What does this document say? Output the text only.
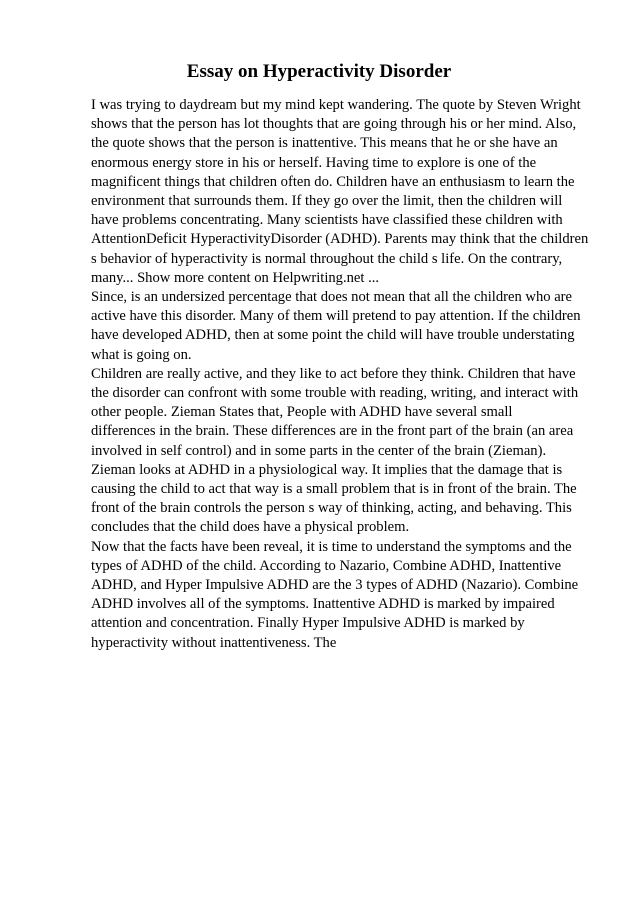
Essay on Hyperactivity Disorder

I was trying to daydream but my mind kept wandering. The quote by Steven Wright
shows that the person has lot thoughts that are going through his or her mind. Also,
the quote shows that the person is inattentive. This means that he or she have an
enormous energy store in his or herself. Having time to explore is one of the
magnificent things that children often do. Children have an enthusiasm to learn the
environment that surrounds them. If they go over the limit, then the children will
have problems concentrating. Many scientists have classified these children with
AttentionDeficit HyperactivityDisorder (ADHD). Parents may think that the children
s behavior of hyperactivity is normal throughout the child s life. On the contrary,
many... Show more content on Helpwriting.net ...

Since, is an undersized percentage that does not mean that all the children who are
active have this disorder. Many of them will pretend to pay attention. If the children
have developed ADHD, then at some point the child will have trouble understating
what is going on.

Children are really active, and they like to act before they think. Children that have
the disorder can confront with some trouble with reading, writing, and interact with
other people. Zieman States that, People with ADHD have several small
differences in the brain. These differences are in the front part of the brain (an area
involved in self control) and in some parts in the center of the brain (Zieman).
Zieman looks at ADHD in a physiological way. It implies that the damage that is
causing the child to act that way is a small problem that is in front of the brain. The
front of the brain controls the person s way of thinking, acting, and behaving. This
concludes that the child does have a physical problem.

Now that the facts have been reveal, it is time to understand the symptoms and the
types of ADHD of the child. According to Nazario, Combine ADHD, Inattentive
ADHD, and Hyper Impulsive ADHD are the 3 types of ADHD (Nazario). Combine
ADHD involves all of the symptoms. Inattentive ADHD is marked by impaired
attention and concentration. Finally Hyper Impulsive ADHD is marked by
hyperactivity without inattentiveness. The
